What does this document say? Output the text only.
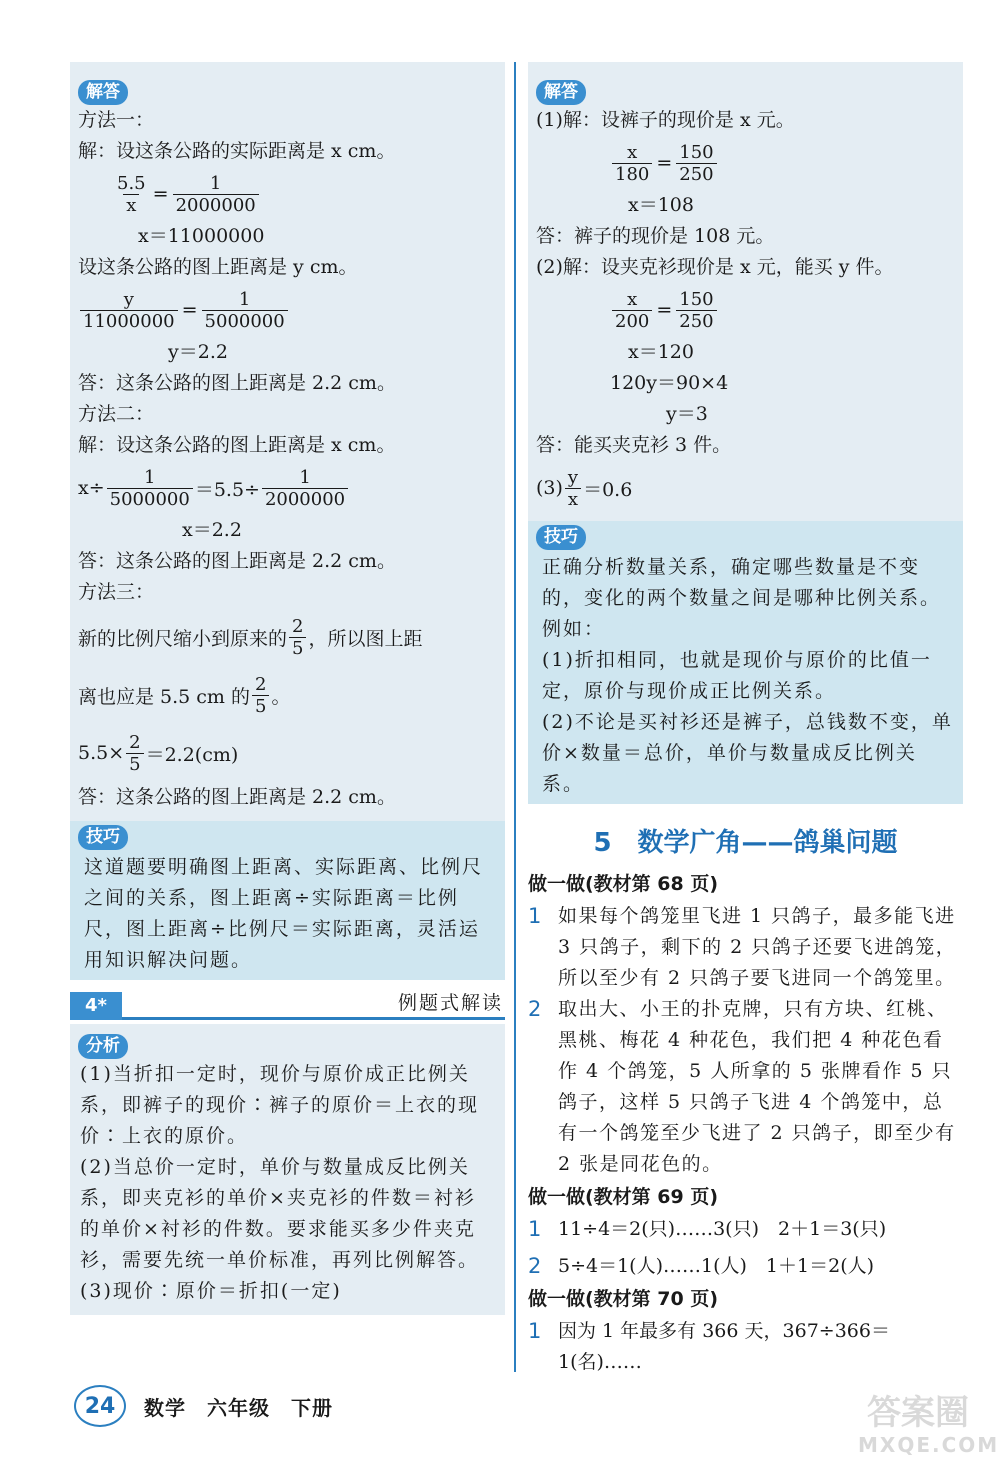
解答
方法一：
解：设这条公路的实际距离是 x cm。
$\frac{5.5}{x} = \frac{1}{2000000}$
x＝11000000
设这条公路的图上距离是 y cm。
$\frac{y}{11000000} = \frac{1}{5000000}$
y＝2.2
答：这条公路的图上距离是 2.2 cm。
方法二：
解：设这条公路的图上距离是 x cm。
$x\div \frac{1}{5000000} =5.5\div \frac{1}{2000000}$
x＝2.2
答：这条公路的图上距离是 2.2 cm。
方法三：
新的比例尺缩小到原来的 $\frac{2}{5}$ ，所以图上距
离也应是 5.5 cm 的 $\frac{2}{5}$ 。
$5.5\times \frac{2}{5} =2.2(cm)$
答：这条公路的图上距离是 2.2 cm。
技巧
这道题要明确图上距离、实际距离、比例尺之间的关系，图上距离÷实际距离＝比例尺，图上距离÷比例尺＝实际距离，灵活运用知识解决问题。
4*	例题式解读
分析
(1)当折扣一定时，现价与原价成正比例关系，即裤子的现价∶裤子的原价＝上衣的现价∶上衣的原价。
(2)当总价一定时，单价与数量成反比例关系，即夹克衫的单价×夹克衫的件数＝衬衫的单价×衬衫的件数。要求能买多少件夹克衫，需要先统一单价标准，再列比例解答。
(3)现价∶原价＝折扣(一定)
解答
(1)解：设裤子的现价是 x 元。
$\frac{x}{180} = \frac{150}{250}$
x＝108
答：裤子的现价是 108 元。
(2)解：设夹克衫现价是 x 元，能买 y 件。
$\frac{x}{200} = \frac{150}{250}$
x＝120
120y＝90×4
y＝3
答：能买夹克衫 3 件。
$(3) \frac{y}{x} =0.6$
技巧
正确分析数量关系，确定哪些数量是不变的，变化的两个数量之间是哪种比例关系。例如：
(1)折扣相同，也就是现价与原价的比值一定，原价与现价成正比例关系。
(2)不论是买衬衫还是裤子，总钱数不变，单价×数量＝总价，单价与数量成反比例关系。
5 数学广角——鸽巢问题
做一做(教材第 68 页)
1 如果每个鸽笼里飞进 1 只鸽子，最多能飞进 3 只鸽子，剩下的 2 只鸽子还要飞进鸽笼，所以至少有 2 只鸽子要飞进同一个鸽笼里。
2 取出大、小王的扑克牌，只有方块、红桃、黑桃、梅花 4 种花色，我们把 4 种花色看作 4 个鸽笼，5 人所拿的 5 张牌看作 5 只鸽子，这样 5 只鸽子飞进 4 个鸽笼中，总有一个鸽笼至少飞进了 2 只鸽子，即至少有 2 张是同花色的。
做一做(教材第 69 页)
1 11÷4＝2(只)……3(只)　2＋1＝3(只)
2 5÷4＝1(人)……1(人)　1＋1＝2(人)
做一做(教材第 70 页)
1 因为 1 年最多有 366 天，367÷366＝1(名)……
24	数学　六年级　下册	答案圈
MXQE.COM
